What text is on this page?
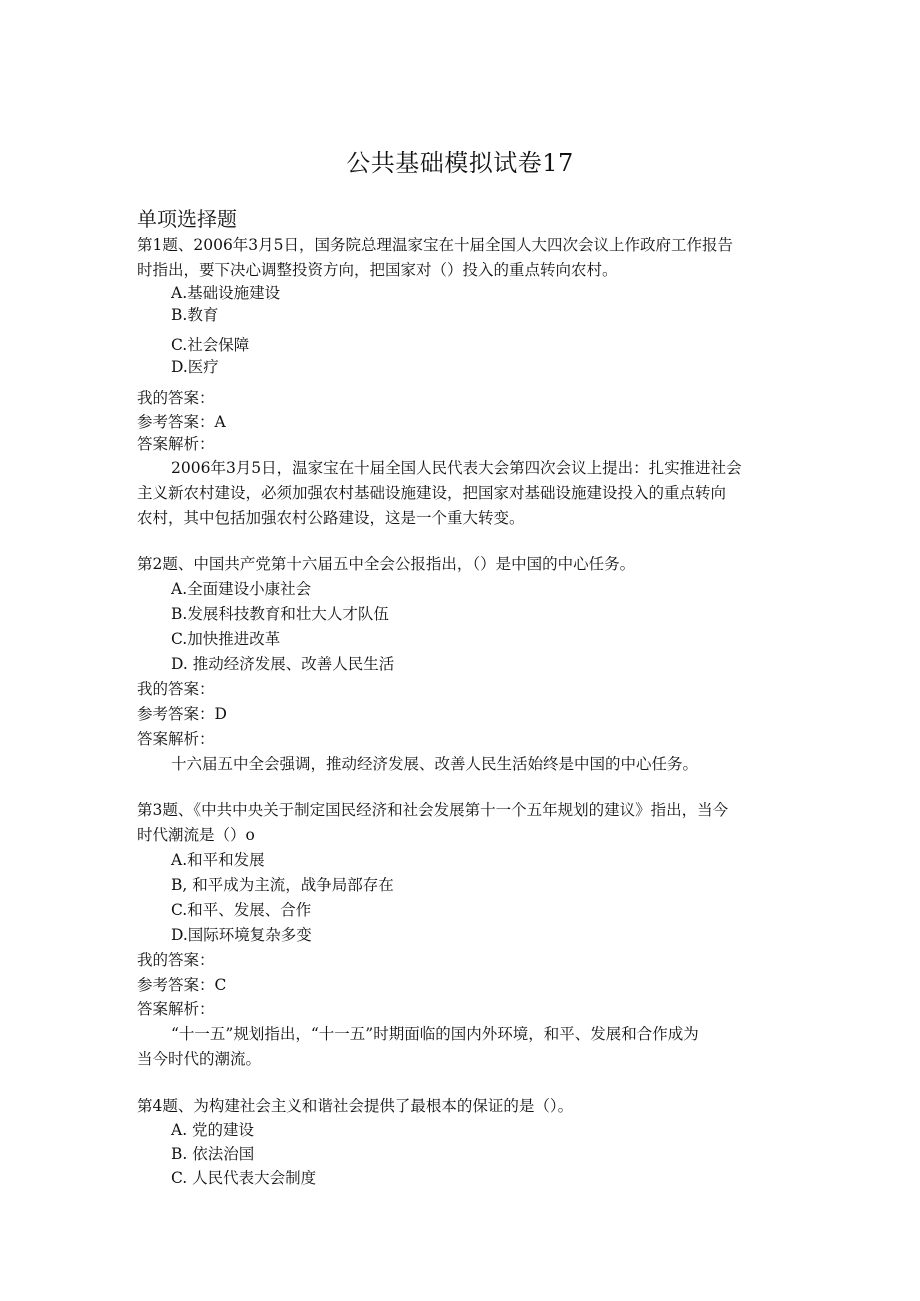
公共基础模拟试卷17
单项选择题
第1题、2006年3月5日，国务院总理温家宝在十届全国人大四次会议上作政府工作报告
时指出，要下决心调整投资方向，把国家对（）投入的重点转向农村。
A.基础设施建设
B.教育
C.社会保障
D.医疗
我的答案：
参考答案：A
答案解析：
2006年3月5日，温家宝在十届全国人民代表大会第四次会议上提出：扎实推进社会
主义新农村建设，必须加强农村基础设施建设，把国家对基础设施建设投入的重点转向
农村，其中包括加强农村公路建设，这是一个重大转变。
第2题、中国共产党第十六届五中全会公报指出，（）是中国的中心任务。
A.全面建设小康社会
B.发展科技教育和壮大人才队伍
C.加快推进改革
D. 推动经济发展、改善人民生活
我的答案：
参考答案：D
答案解析：
十六届五中全会强调，推动经济发展、改善人民生活始终是中国的中心任务。
第3题、《中共中央关于制定国民经济和社会发展第十一个五年规划的建议》指出，当今
时代潮流是（）o
A.和平和发展
B, 和平成为主流，战争局部存在
C.和平、发展、合作
D.国际环境复杂多变
我的答案：
参考答案：C
答案解析：
“十一五”规划指出，“十一五”时期面临的国内外环境，和平、发展和合作成为
当今时代的潮流。
第4题、为构建社会主义和谐社会提供了最根本的保证的是（）。
A. 党的建设
B. 依法治国
C. 人民代表大会制度
